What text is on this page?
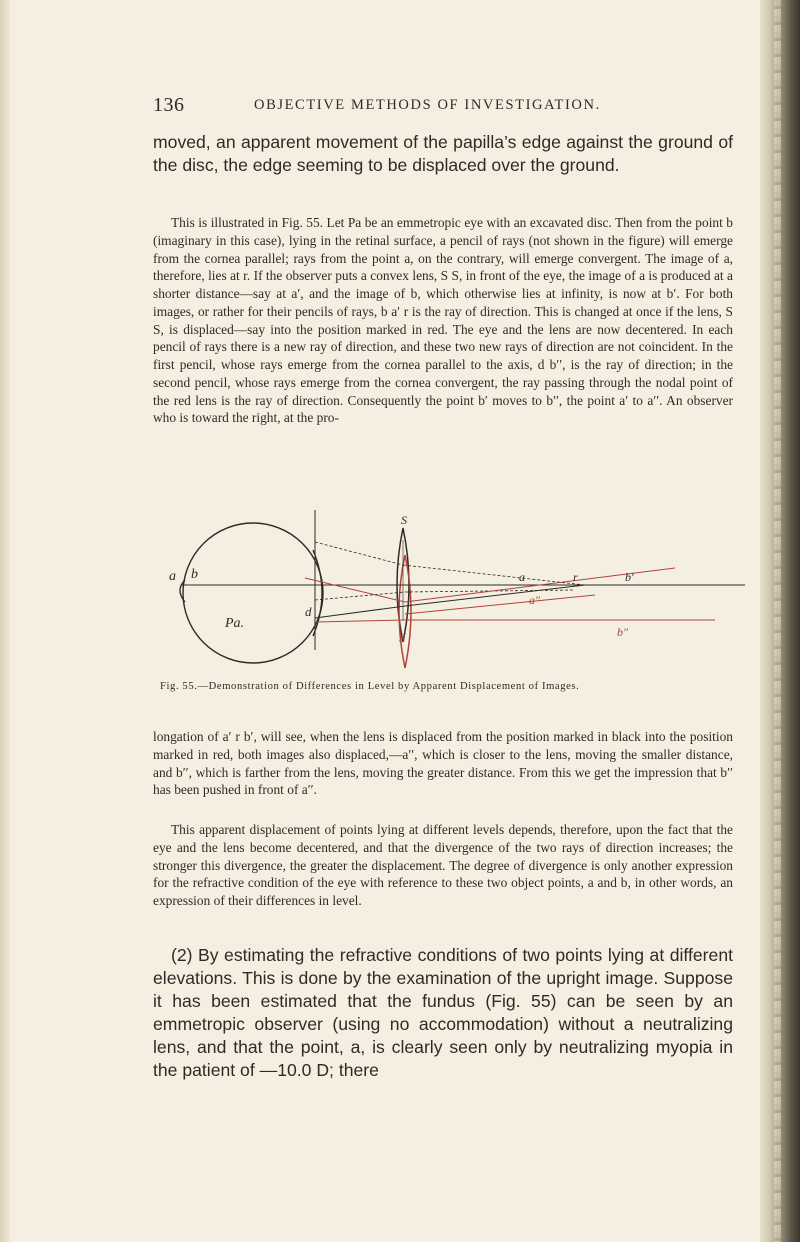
136	OBJECTIVE METHODS OF INVESTIGATION.

moved, an apparent movement of the papilla’s edge against the ground of the disc, the edge seeming to be displaced over the ground.

This is illustrated in Fig. 55. Let Pa be an emmetropic eye with an excavated disc. Then from the point b (imaginary in this case), lying in the retinal surface, a pencil of rays (not shown in the figure) will emerge from the cornea parallel; rays from the point a, on the contrary, will emerge convergent. The image of a, therefore, lies at r. If the observer puts a convex lens, S S, in front of the eye, the image of a is produced at a shorter distance—say at a′, and the image of b, which otherwise lies at infinity, is now at b′. For both images, or rather for their pencils of rays, b a′ r is the ray of direction. This is changed at once if the lens, S S, is displaced—say into the position marked in red. The eye and the lens are now decentered. In each pencil of rays there is a new ray of direction, and these two new rays of direction are not coincident. In the first pencil, whose rays emerge from the cornea parallel to the axis, d b′′, is the ray of direction; in the second pencil, whose rays emerge from the cornea convergent, the ray passing through the nodal point of the red lens is the ray of direction. Consequently the point b′ moves to b′′, the point a′ to a′′. An observer who is toward the right, at the pro-

a b
Pa.
d
S
S
a	r	b′
a″
b″
Fig. 55.—Demonstration of Differences in Level by Apparent Displacement of Images.

longation of a′ r b′, will see, when the lens is displaced from the position marked in black into the position marked in red, both images also displaced,—a′′, which is closer to the lens, moving the smaller distance, and b′′, which is farther from the lens, moving the greater distance. From this we get the impression that b′′ has been pushed in front of a′′.

This apparent displacement of points lying at different levels depends, therefore, upon the fact that the eye and the lens become decentered, and that the divergence of the two rays of direction increases; the stronger this divergence, the greater the displacement. The degree of divergence is only another expression for the refractive condition of the eye with reference to these two object points, a and b, in other words, an expression of their differences in level.

(2) By estimating the refractive conditions of two points lying at different elevations. This is done by the examination of the upright image. Suppose it has been estimated that the fundus (Fig. 55) can be seen by an emmetropic observer (using no accommodation) without a neutralizing lens, and that the point, a, is clearly seen only by neutralizing myopia in the patient of —10.0 D; there
